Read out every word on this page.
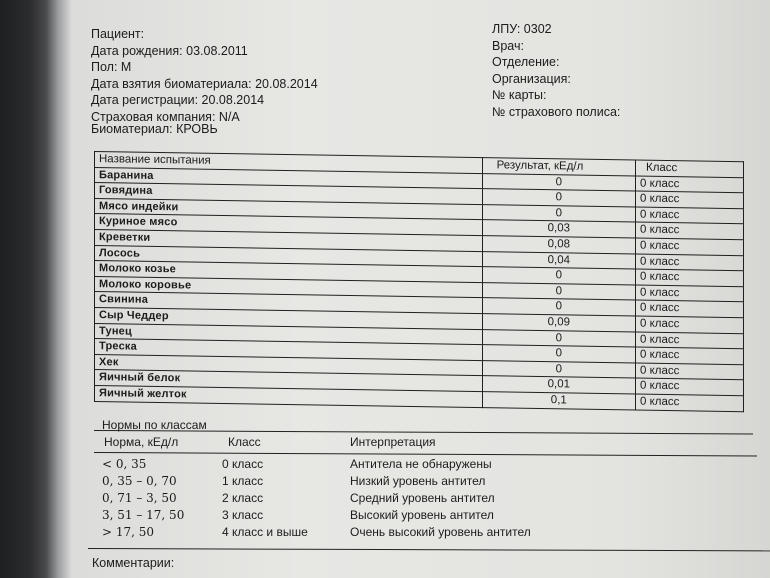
Пациент:
Дата рождения: 03.08.2011
Пол: М
Дата взятия биоматериала: 20.08.2014
Дата регистрации: 20.08.2014
Страховая компания: N/A
ЛПУ: 0302
Врач:
Отделение:
Организация:
№ карты:
№ страхового полиса:
Биоматериал: КРОВЬ
Название испытания	Результат, кЕд/л	Класс
Баранина	0	0 класс
Говядина	0	0 класс
Мясо индейки	0	0 класс
Куриное мясо	0,03	0 класс
Креветки	0,08	0 класс
Лосось	0,04	0 класс
Молоко козье	0	0 класс
Молоко коровье	0	0 класс
Свинина	0	0 класс
Сыр Чеддер	0,09	0 класс
Тунец	0	0 класс
Треска	0	0 класс
Хек	0	0 класс
Яичный белок	0,01	0 класс
Яичный желток	0,1	0 класс
Нормы по классам
Норма, кЕд/л	Класс	Интерпретация
< 0, 35	0 класс	Антитела не обнаружены
0, 35 – 0, 70	1 класс	Низкий уровень антител
0, 71 – 3, 50	2 класс	Средний уровень антител
3, 51 – 17, 50	3 класс	Высокий уровень антител
> 17, 50	4 класс и выше	Очень высокий уровень антител
Комментарии:
